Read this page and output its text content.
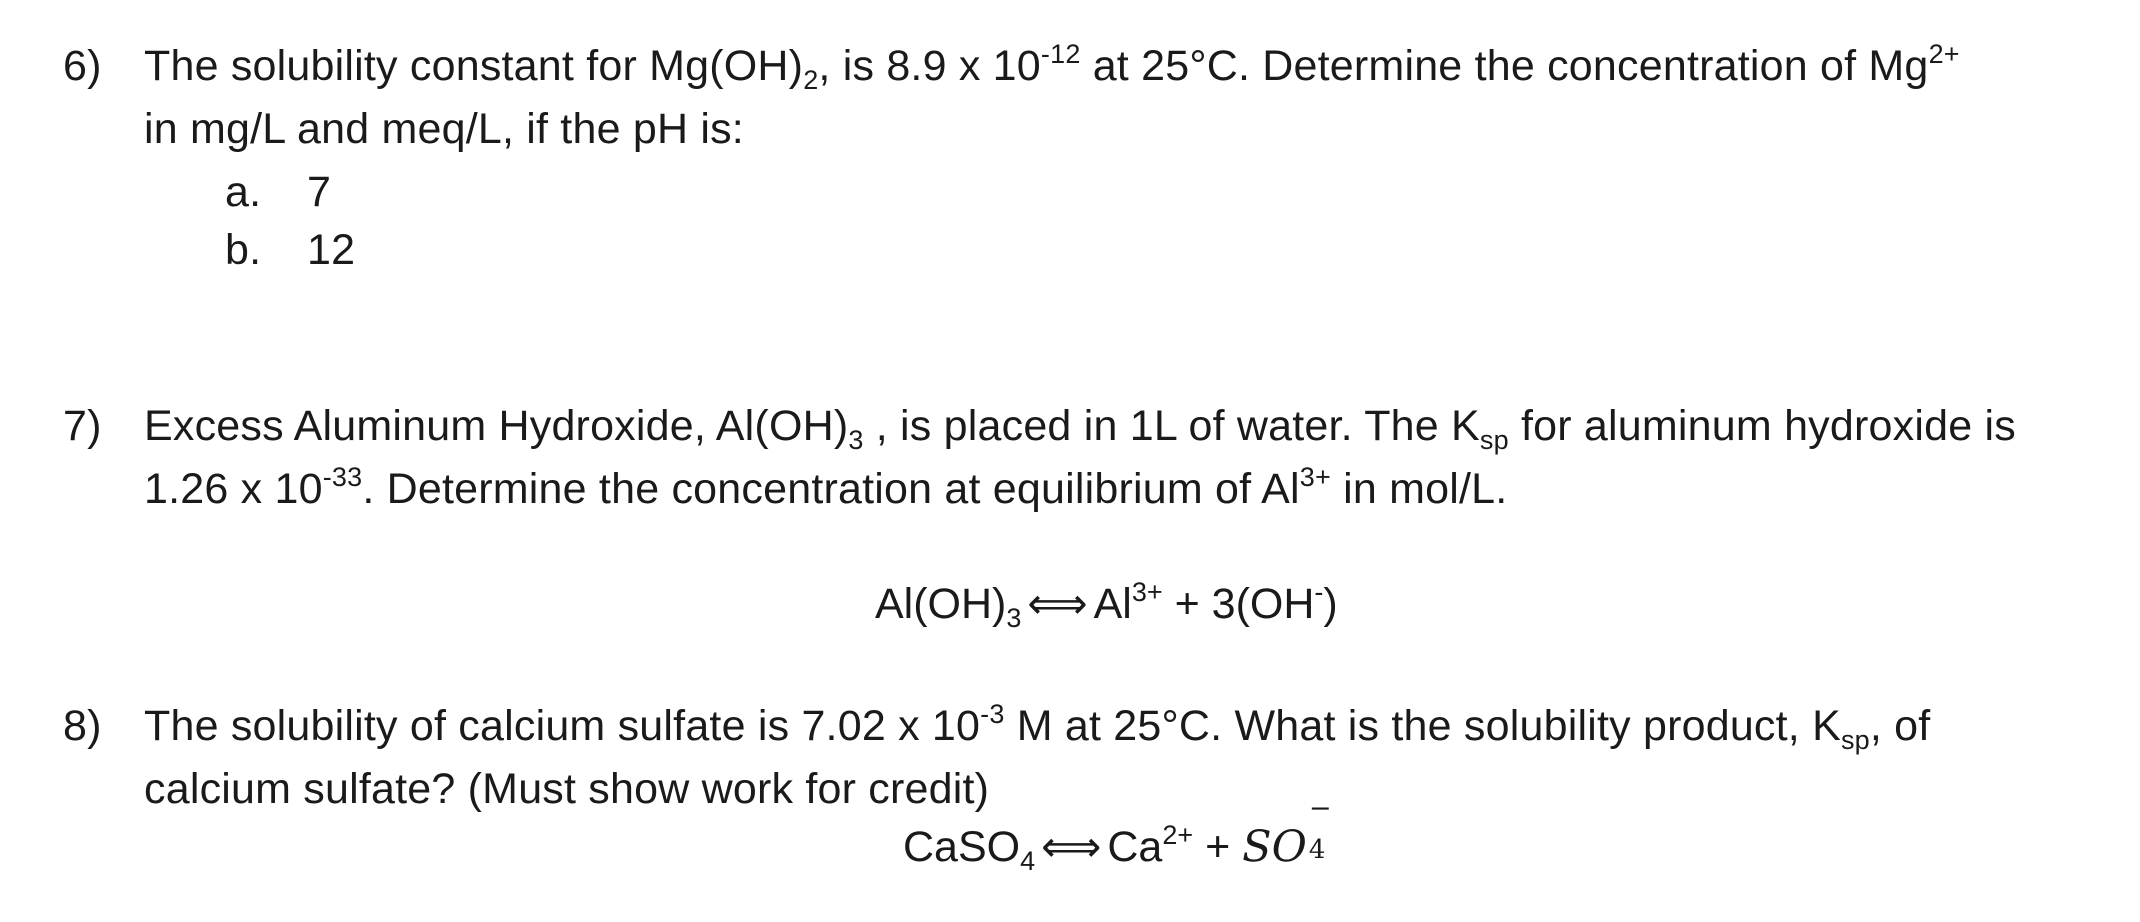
6) The solubility constant for $Mg(OH)_2$, is 8.9 x $10^{-12}$ at 25°C. Determine the concentration of $Mg^{2+}$
in mg/L and meq/L, if the pH is:
a. 7
b. 12
7) Excess Aluminum Hydroxide, $Al(OH)_3$ , is placed in 1L of water. The $K_{sp}$ for aluminum hydroxide is
1.26 x $10^{-33}$. Determine the concentration at equilibrium of $Al^{3+}$ in mol/L.
$Al(OH)_3$ ⟺ $Al^{3+} + 3(OH^-)$
8) The solubility of calcium sulfate is 7.02 x $10^{-3}$ M at 25°C. What is the solubility product, $K_{sp}$, of
calcium sulfate? (Must show work for credit)
CaSO$_4$ ⟺ $Ca^{2+}$ + SO
−
4
